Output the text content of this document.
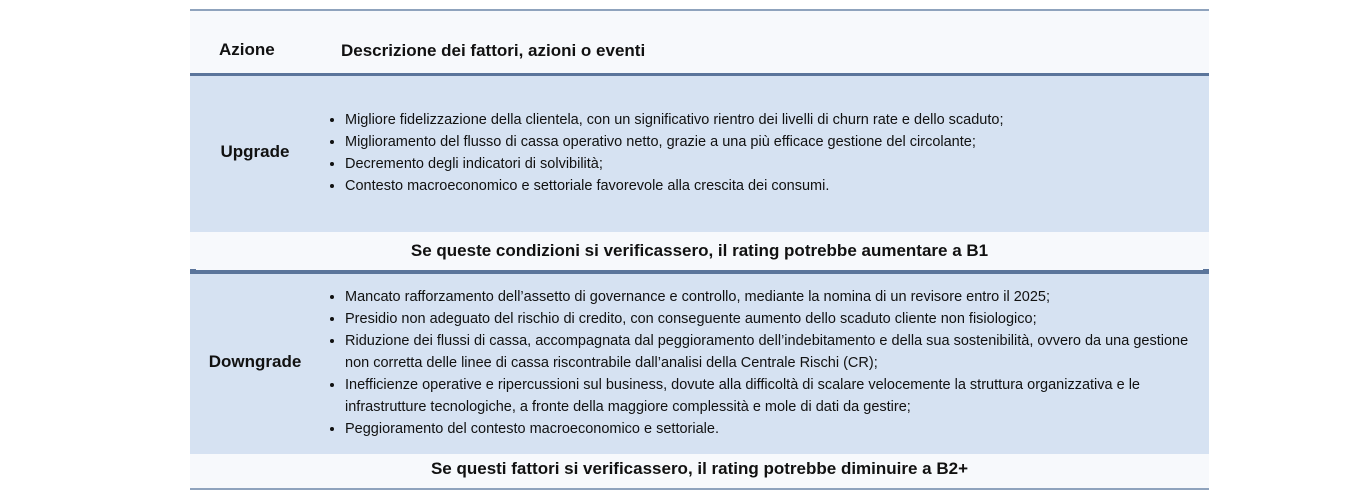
Azione	Descrizione dei fattori, azioni o eventi
Upgrade
• Migliore fidelizzazione della clientela, con un significativo rientro dei livelli di churn rate e dello scaduto;
• Miglioramento del flusso di cassa operativo netto, grazie a una più efficace gestione del circolante;
• Decremento degli indicatori di solvibilità;
• Contesto macroeconomico e settoriale favorevole alla crescita dei consumi.
Se queste condizioni si verificassero, il rating potrebbe aumentare a B1
Downgrade
• Mancato rafforzamento dell’assetto di governance e controllo, mediante la nomina di un revisore entro il 2025;
• Presidio non adeguato del rischio di credito, con conseguente aumento dello scaduto cliente non fisiologico;
• Riduzione dei flussi di cassa, accompagnata dal peggioramento dell’indebitamento e della sua sostenibilità, ovvero da una gestione non corretta delle linee di cassa riscontrabile dall’analisi della Centrale Rischi (CR);
• Inefficienze operative e ripercussioni sul business, dovute alla difficoltà di scalare velocemente la struttura organizzativa e le infrastrutture tecnologiche, a fronte della maggiore complessità e mole di dati da gestire;
• Peggioramento del contesto macroeconomico e settoriale.
Se questi fattori si verificassero, il rating potrebbe diminuire a B2+
